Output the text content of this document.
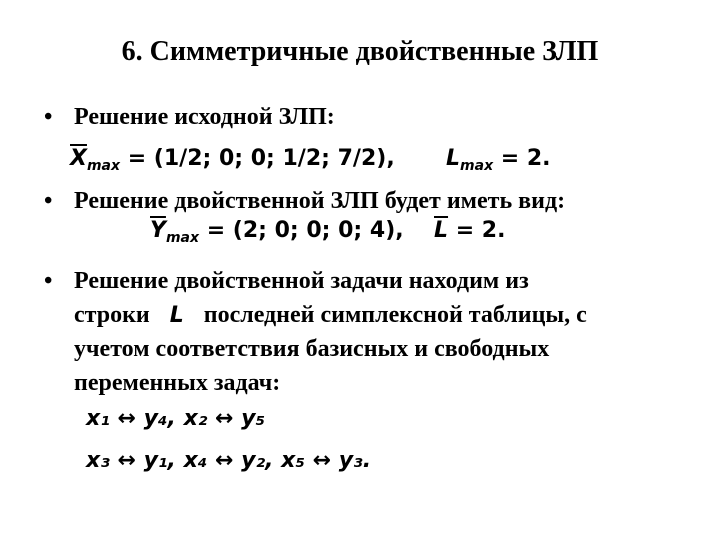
6. Симметричные двойственные ЗЛП
• Решение исходной ЗЛП:
$\overline{X}_{max} = (1/2$; 0; 0; 1/2; 7/2), $L_{max} = 2$.
• Решение двойственной ЗЛП будет иметь вид:
$\overline{Y}_{max} = (2$; 0; 0; 0; 4), $\overline{L} = 2$.
• Решение двойственной задачи находим из
строки L последней симплексной таблицы, с
учетом соответствия базисных и свободных
переменных задач:
x₁ ↔ y₄, x₂ ↔ y₅
x₃ ↔ y₁, x₄ ↔ y₂, x₅ ↔ y₃.
